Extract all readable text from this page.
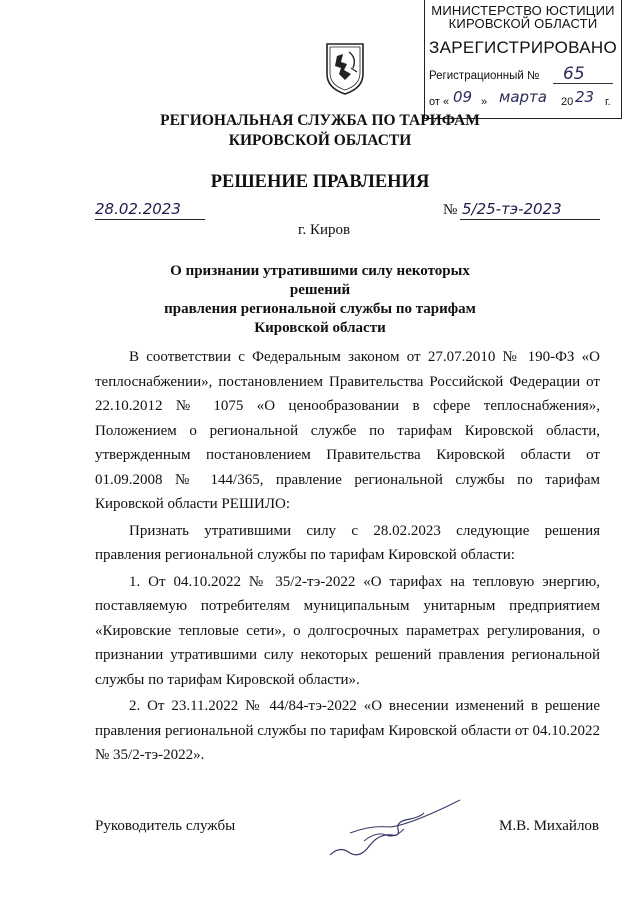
МИНИСТЕРСТВО ЮСТИЦИИ
КИРОВСКОЙ ОБЛАСТИ
ЗАРЕГИСТРИРОВАНО
Регистрационный № 65
от « 09 » марта 20 23 г.
РЕГИОНАЛЬНАЯ СЛУЖБА ПО ТАРИФАМ
КИРОВСКОЙ ОБЛАСТИ
РЕШЕНИЕ ПРАВЛЕНИЯ
28.02.2023	№ 5/25-тэ-2023
г. Киров
О признании утратившими силу некоторых решений
правления региональной службы по тарифам
Кировской области

В соответствии с Федеральным законом от 27.07.2010 № 190-ФЗ «О теплоснабжении», постановлением Правительства Российской Федерации от 22.10.2012 № 1075 «О ценообразовании в сфере теплоснабжения», Положением о региональной службе по тарифам Кировской области, утвержденным постановлением Правительства Кировской области от 01.09.2008 № 144/365, правление региональной службы по тарифам Кировской области РЕШИЛО:

Признать утратившими силу с 28.02.2023 следующие решения правления региональной службы по тарифам Кировской области:

1. От 04.10.2022 № 35/2-тэ-2022 «О тарифах на тепловую энергию, поставляемую потребителям муниципальным унитарным предприятием «Кировские тепловые сети», о долгосрочных параметрах регулирования, о признании утратившими силу некоторых решений правления региональной службы по тарифам Кировской области».

2. От 23.11.2022 № 44/84-тэ-2022 «О внесении изменений в решение правления региональной службы по тарифам Кировской области от 04.10.2022 № 35/2-тэ-2022».

Руководитель службы	М.В. Михайлов
